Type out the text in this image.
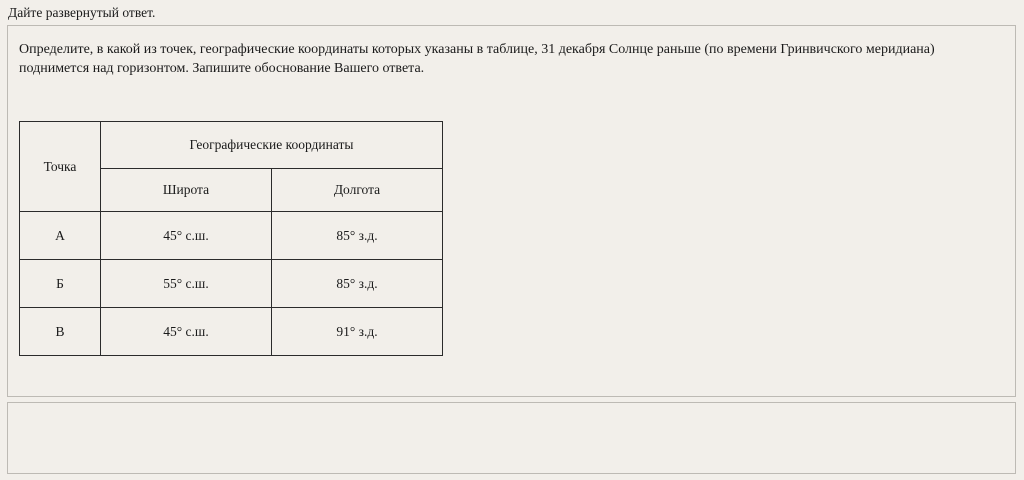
Дайте развернутый ответ.
Определите, в какой из точек, географические координаты которых указаны в таблице, 31 декабря Солнце раньше (по времени Гринвичского меридиана) поднимется над горизонтом. Запишите обоснование Вашего ответа.
Точка	Географические координаты	
	Широта	Долгота
А	45° с.ш.	85° з.д.
Б	55° с.ш.	85° з.д.
В	45° с.ш.	91° з.д.
